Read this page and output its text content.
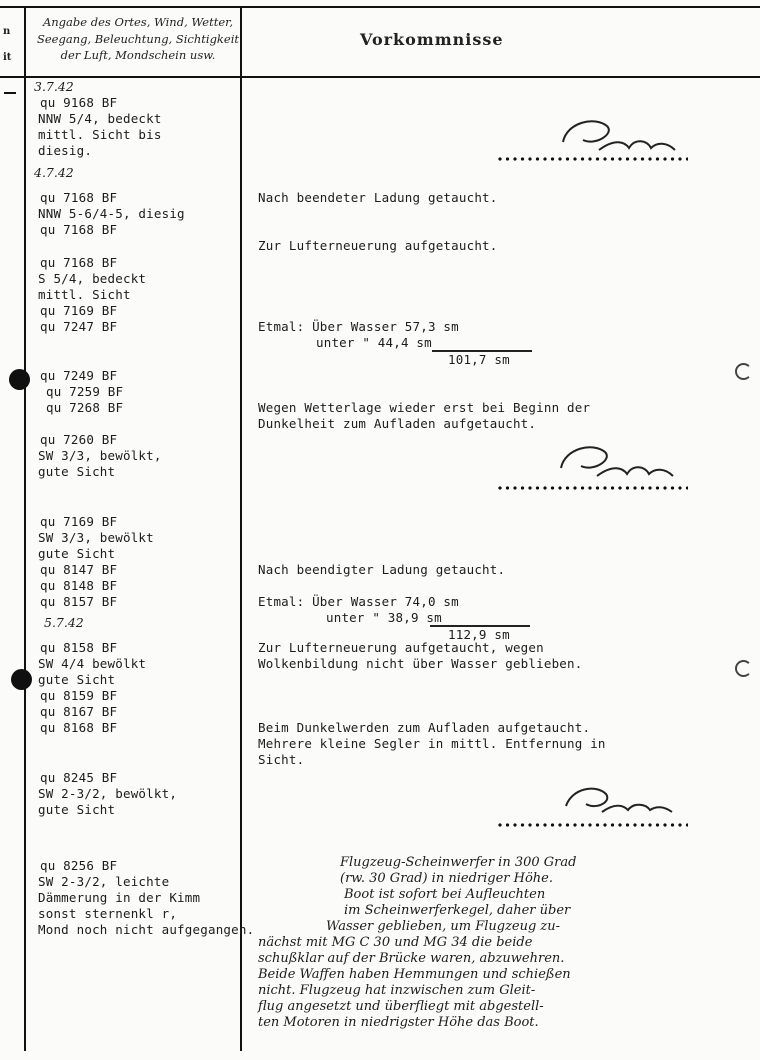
n
it
Angabe des Ortes, Wind, Wetter,
Seegang, Beleuchtung, Sichtigkeit
der Luft, Mondschein usw.
Vorkommnisse
3.7.42
qu 9168 BF
NNW 5/4, bedeckt
mittl. Sicht bis
diesig.
4.7.42
qu 7168 BF
NNW 5-6/4-5, diesig
qu 7168 BF
qu 7168 BF
S 5/4, bedeckt
mittl. Sicht
qu 7169 BF
qu 7247 BF
qu 7249 BF
qu 7259 BF
qu 7268 BF
qu 7260 BF
SW 3/3, bewölkt,
gute Sicht
qu 7169 BF
SW 3/3, bewölkt
gute Sicht
qu 8147 BF
qu 8148 BF
qu 8157 BF
5.7.42
qu 8158 BF
SW 4/4 bewölkt
gute Sicht
qu 8159 BF
qu 8167 BF
qu 8168 BF
qu 8245 BF
SW 2-3/2, bewölkt,
gute Sicht
qu 8256 BF
SW 2-3/2, leichte
Dämmerung in der Kimm
sonst sternenkl r,
Mond noch nicht aufgegangen.
Nach beendeter Ladung getaucht.
Zur Lufterneuerung aufgetaucht.
Etmal: Über Wasser 57,3 sm
unter " 44,4 sm
101,7 sm
Wegen Wetterlage wieder erst bei Beginn der
Dunkelheit zum Aufladen aufgetaucht.
Nach beendigter Ladung getaucht.
Etmal: Über Wasser 74,0 sm
unter " 38,9 sm
112,9 sm
Zur Lufterneuerung aufgetaucht, wegen
Wolkenbildung nicht über Wasser geblieben.
Beim Dunkelwerden zum Aufladen aufgetaucht.
Mehrere kleine Segler in mittl. Entfernung in
Sicht.
Flugzeug-Scheinwerfer in 300 Grad
(rw. 30 Grad) in niedriger Höhe.
Boot ist sofort bei Aufleuchten
im Scheinwerferkegel, daher über
Wasser geblieben, um Flugzeug zu-
nächst mit MG C 30 und MG 34 die beide
schußklar auf der Brücke waren, abzuwehren.
Beide Waffen haben Hemmungen und schießen
nicht. Flugzeug hat inzwischen zum Gleit-
flug angesetzt und überfliegt mit abgestell-
ten Motoren in niedrigster Höhe das Boot.
